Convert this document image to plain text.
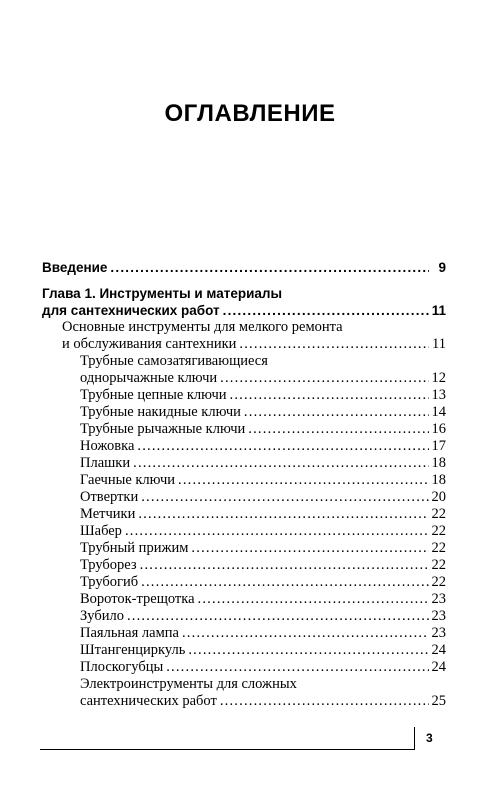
ОГЛАВЛЕНИЕ
Введение .....	9
Глава 1. Инструменты и материалы
для сантехнических работ .....	11
Основные инструменты для мелкого ремонта
и обслуживания сантехники .....	11
Трубные самозатягивающиеся
однорычажные ключи .....	12
Трубные цепные ключи .....	13
Трубные накидные ключи .....	14
Трубные рычажные ключи .....	16
Ножовка .....	17
Плашки .....	18
Гаечные ключи .....	18
Отвертки .....	20
Метчики .....	22
Шабер .....	22
Трубный прижим .....	22
Труборез .....	22
Трубогиб .....	22
Вороток-трещотка .....	23
Зубило .....	23
Паяльная лампа .....	23
Штангенциркуль .....	24
Плоскогубцы .....	24
Электроинструменты для сложных
сантехнических работ .....	25
3
